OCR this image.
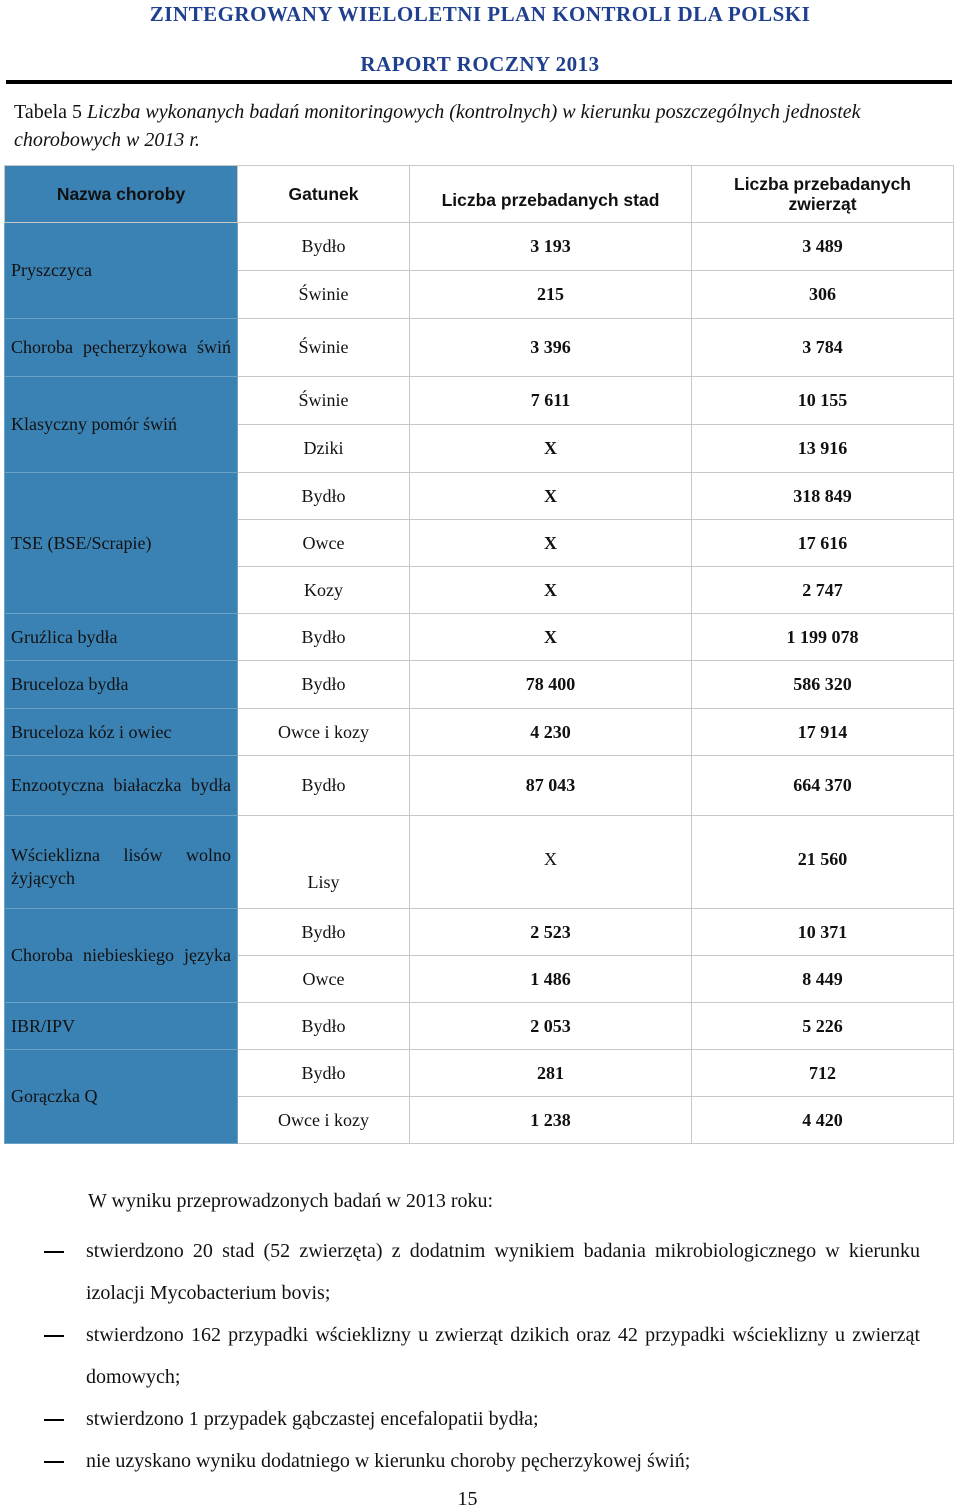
ZINTEGROWANY WIELOLETNI PLAN KONTROLI DLA POLSKI
RAPORT ROCZNY 2013
Tabela 5 Liczba wykonanych badań monitoringowych (kontrolnych) w kierunku poszczególnych jednostek chorobowych w 2013 r.
Nazwa choroby	Gatunek	Liczba przebadanych stad	Liczba przebadanych zwierząt
Pryszczyca	Bydło	3 193	3 489
	Świnie	215	306
Choroba pęcherzykowa świń	Świnie	3 396	3 784
Klasyczny pomór świń	Świnie	7 611	10 155
	Dziki	X	13 916
TSE (BSE/Scrapie)	Bydło	X	318 849
	Owce	X	17 616
	Kozy	X	2 747
Gruźlica bydła	Bydło	X	1 199 078
Bruceloza bydła	Bydło	78 400	586 320
Bruceloza kóz i owiec	Owce i kozy	4 230	17 914
Enzootyczna białaczka bydła	Bydło	87 043	664 370
Wścieklizna lisów wolno żyjących	Lisy	X	21 560
Choroba niebieskiego języka	Bydło	2 523	10 371
	Owce	1 486	8 449
IBR/IPV	Bydło	2 053	5 226
Gorączka Q	Bydło	281	712
	Owce i kozy	1 238	4 420
W wyniku przeprowadzonych badań w 2013 roku:
stwierdzono 20 stad (52 zwierzęta) z dodatnim wynikiem badania mikrobiologicznego w kierunku izolacji Mycobacterium bovis;
stwierdzono 162 przypadki wścieklizny u zwierząt dzikich oraz 42 przypadki wścieklizny u zwierząt domowych;
stwierdzono 1 przypadek gąbczastej encefalopatii bydła;
nie uzyskano wyniku dodatniego w kierunku choroby pęcherzykowej świń;
15
